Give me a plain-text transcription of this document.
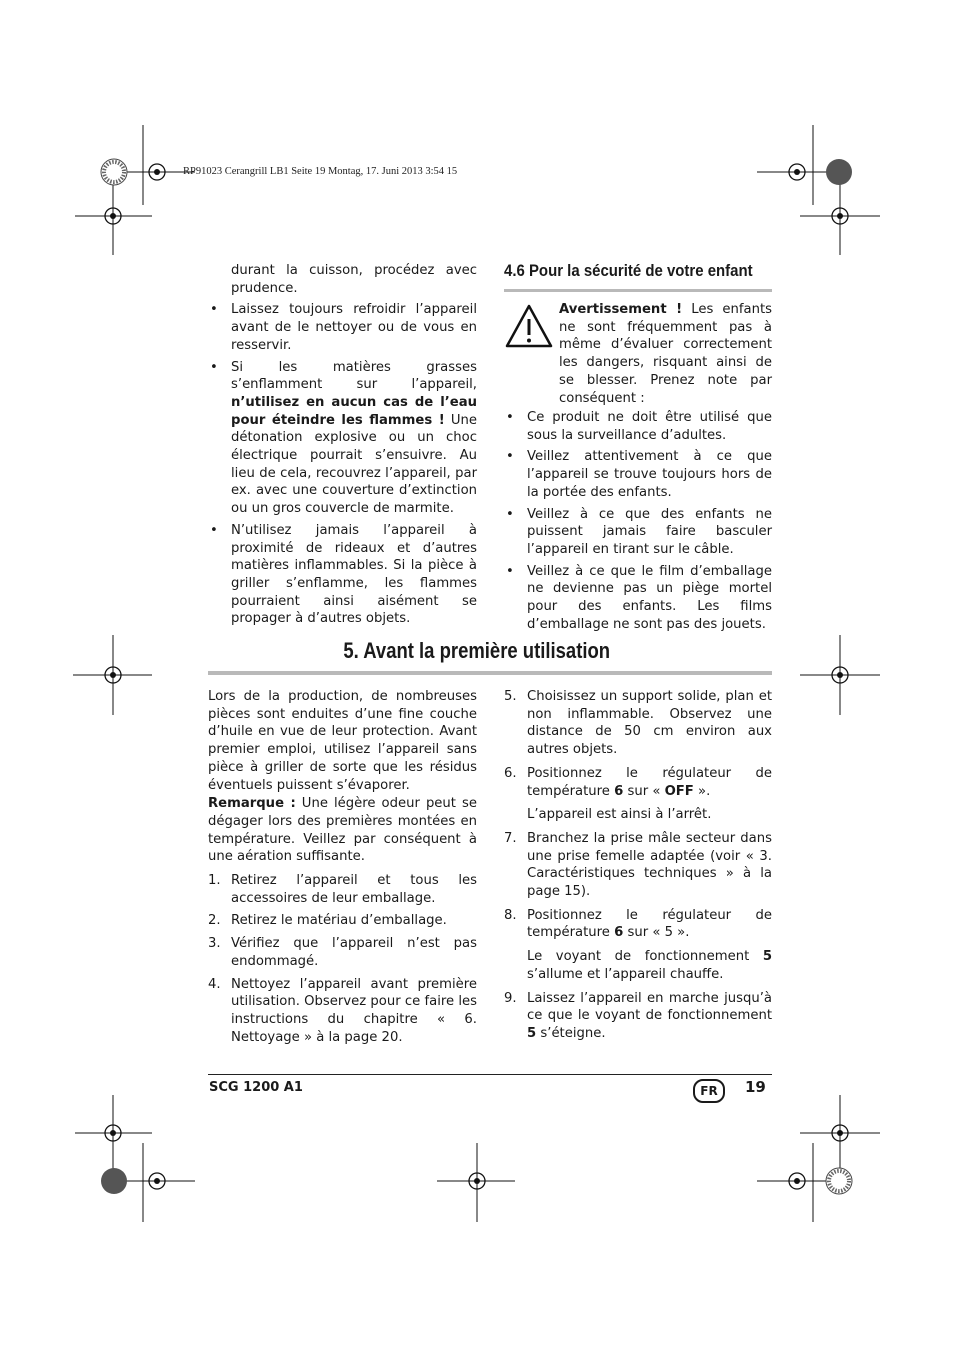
RP91023 Cerangrill LB1 Seite 19 Montag, 17. Juni 2013 3:54 15

durant la cuisson, procédez avec prudence.

• Laissez toujours refroidir l’appareil avant de le nettoyer ou de vous en resservir.
• Si les matières grasses s’enflamment sur l’appareil, n’utilisez en aucun cas de l’eau pour éteindre les flammes ! Une détonation explosive ou un choc électrique pourrait s’ensuivre. Au lieu de cela, recouvrez l’appareil, par ex. avec une couverture d’extinction ou un gros couvercle de marmite.
• N’utilisez jamais l’appareil à proximité de rideaux et d’autres matières inflammables. Si la pièce à griller s’enflamme, les flammes pourraient ainsi aisément se propager à d’autres objets.
4.6 Pour la sécurité de votre enfant

Avertissement ! Les enfants ne sont fréquemment pas à même d’évaluer correctement les dangers, risquant ainsi de se blesser. Prenez note par conséquent :

• Ce produit ne doit être utilisé que sous la surveillance d’adultes.
• Veillez attentivement à ce que l’appareil se trouve toujours hors de la portée des enfants.
• Veillez à ce que des enfants ne puissent jamais faire basculer l’appareil en tirant sur le câble.
• Veillez à ce que le film d’emballage ne devienne pas un piège mortel pour des enfants. Les films d’emballage ne sont pas des jouets.
5. Avant la première utilisation

Lors de la production, de nombreuses pièces sont enduites d’une fine couche d’huile en vue de leur protection. Avant premier emploi, utilisez l’appareil sans pièce à griller de sorte que les résidus éventuels puissent s’évaporer.

Remarque : Une légère odeur peut se dégager lors des premières montées en température. Veillez par conséquent à une aération suffisante.

1. Retirez l’appareil et tous les accessoires de leur emballage.
2. Retirez le matériau d’emballage.
3. Vérifiez que l’appareil n’est pas endommagé.
4. Nettoyez l’appareil avant première utilisation. Observez pour ce faire les instructions du chapitre « 6. Nettoyage » à la page 20.
5. Choisissez un support solide, plan et non inflammable. Observez une distance de 50 cm environ aux autres objets.
6. Positionnez le régulateur de température 6 sur « OFF ».

L’appareil est ainsi à l’arrêt.

7. Branchez la prise mâle secteur dans une prise femelle adaptée (voir « 3. Caractéristiques techniques » à la page 15).
8. Positionnez le régulateur de température 6 sur « 5 ».

Le voyant de fonctionnement 5 s’allume et l’appareil chauffe.

9. Laissez l’appareil en marche jusqu’à ce que le voyant de fonctionnement 5 s’éteigne.
SCG 1200 A1	FR	19
